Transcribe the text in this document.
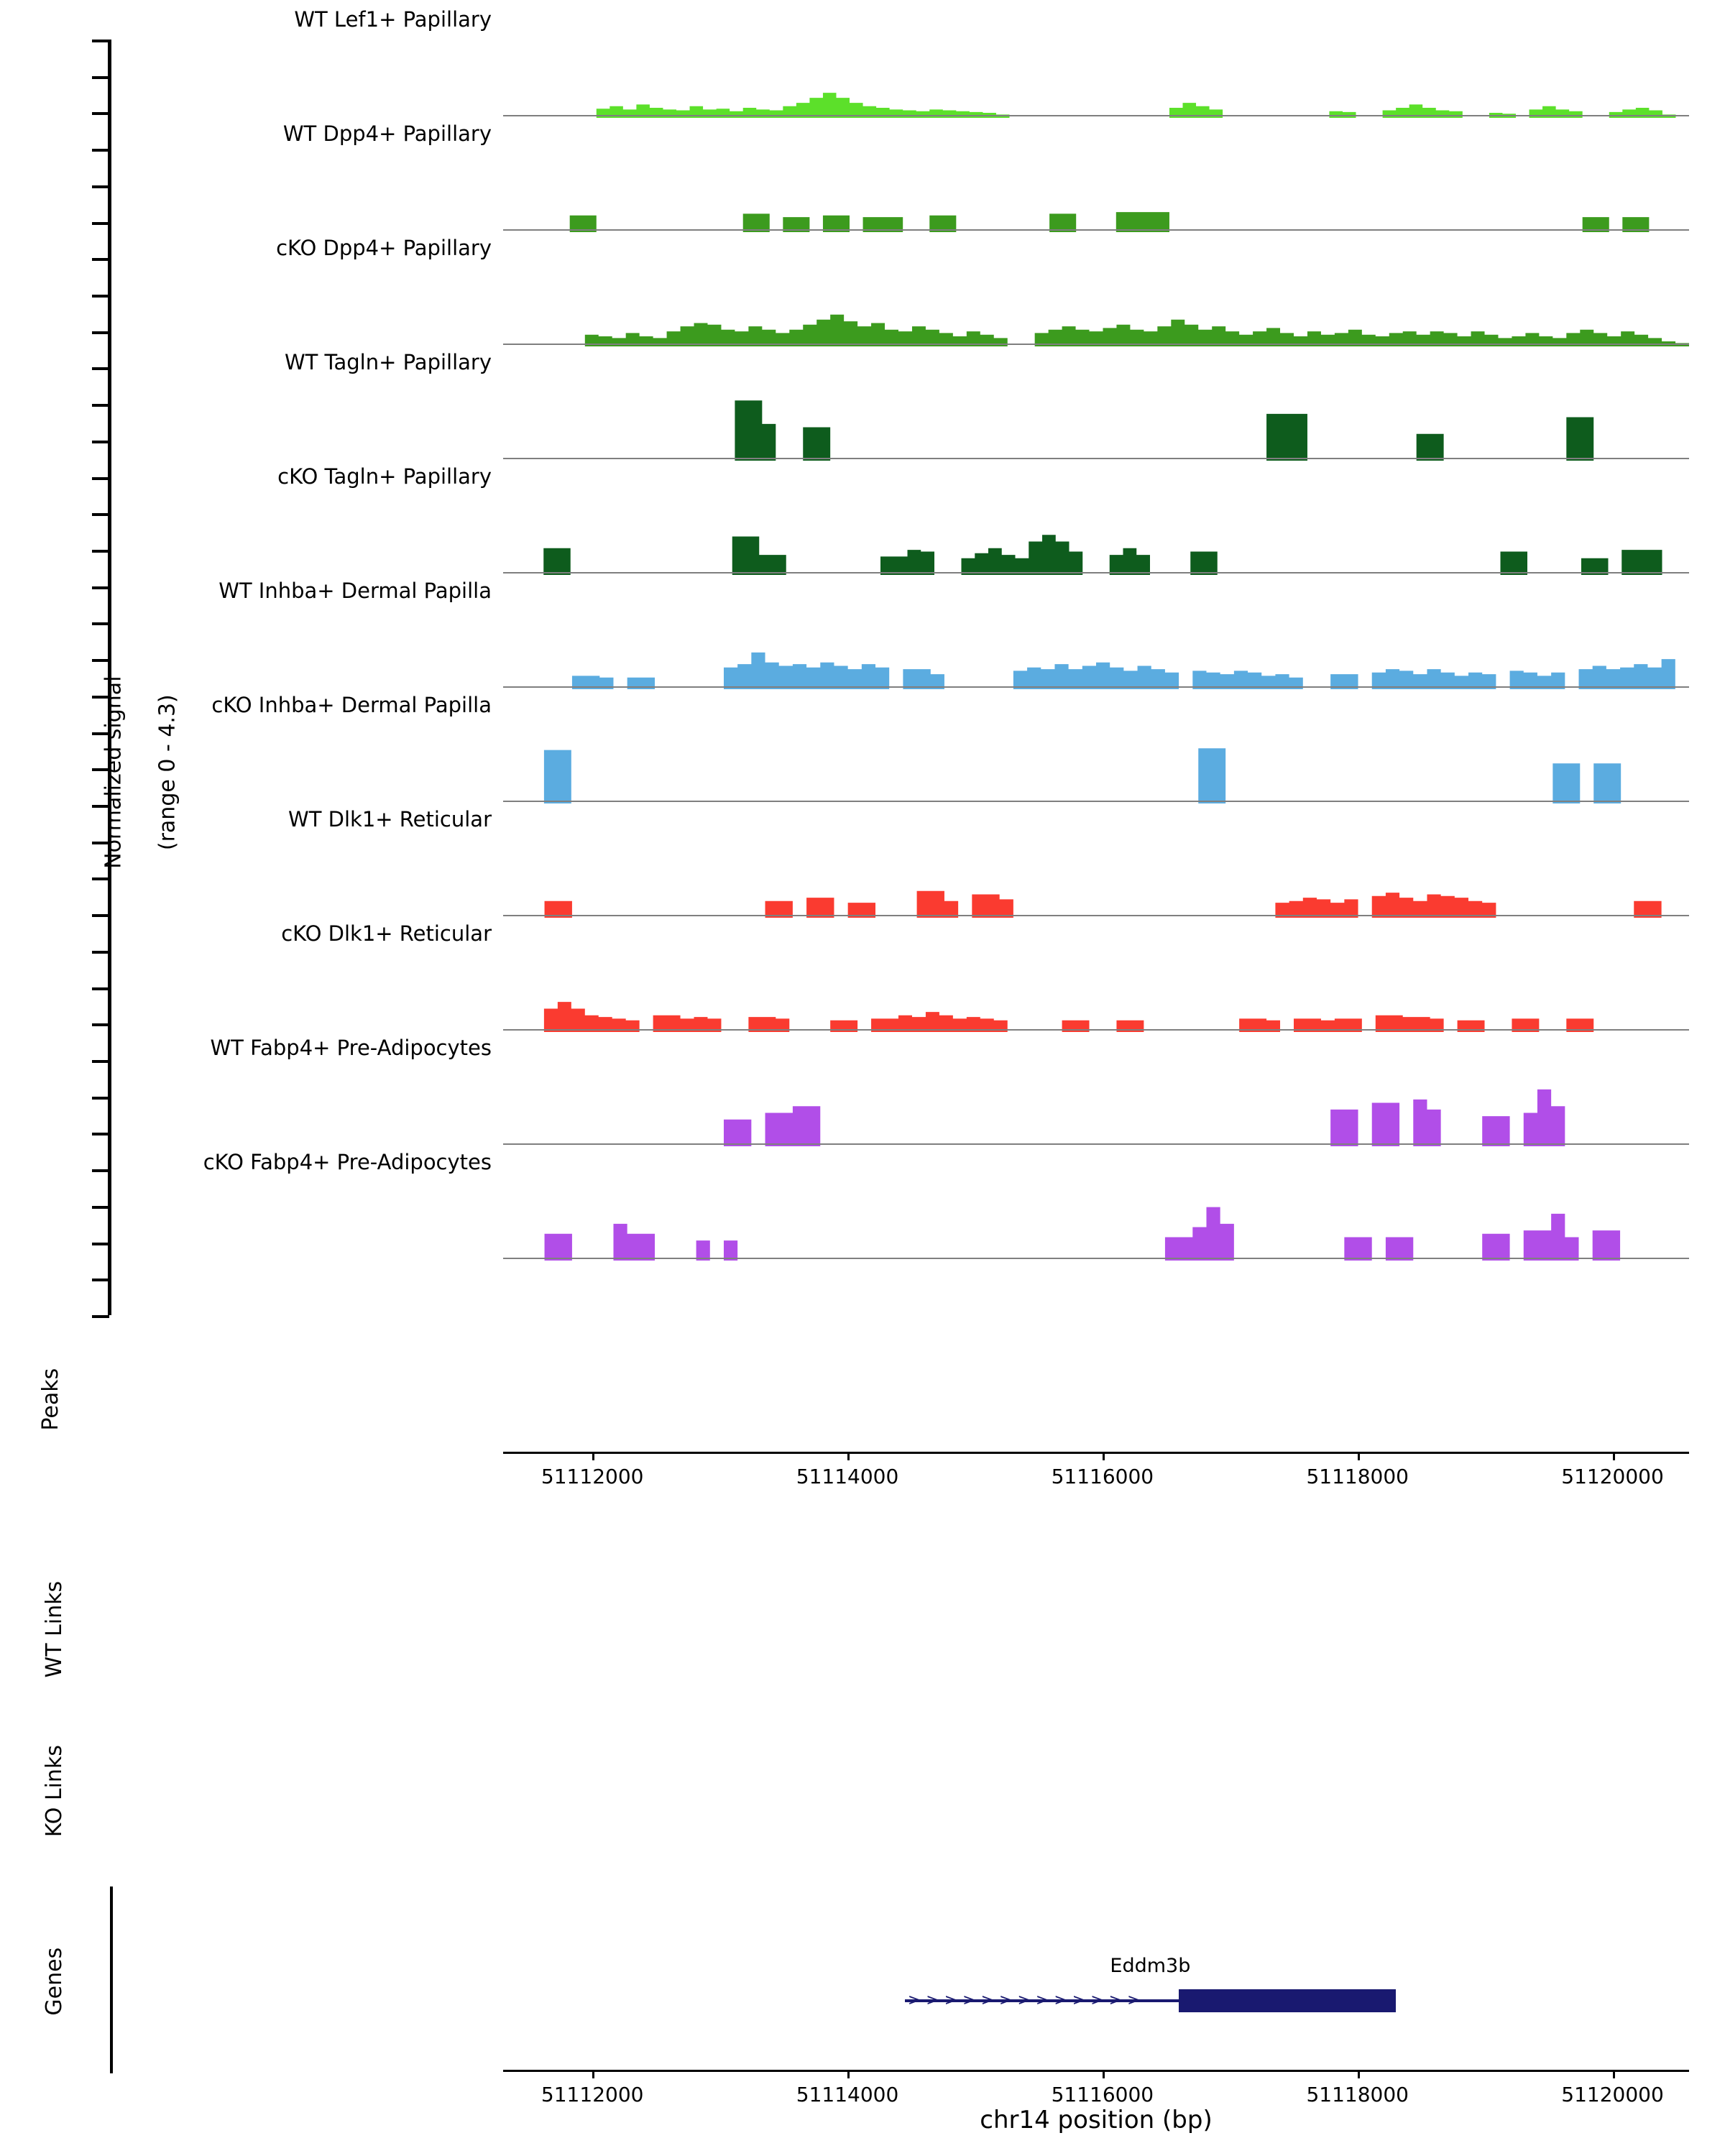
Normalized signal (range 0 - 4.3)

WT Lef1+ Papillary
WT Dpp4+ Papillary
cKO Dpp4+ Papillary
WT Tagln+ Papillary
cKO Tagln+ Papillary
WT Inhba+ Dermal Papilla
cKO Inhba+ Dermal Papilla
WT Dlk1+ Reticular
cKO Dlk1+ Reticular
WT Fabp4+ Pre-Adipocytes
cKO Fabp4+ Pre-Adipocytes

Peaks

51112000	51114000	51116000	51118000	51120000

WT Links

KO Links

Genes
	Eddm3b
>>>>>>>>>>>>>
51112000	51114000	51116000	51118000	51120000
chr14 position (bp)
